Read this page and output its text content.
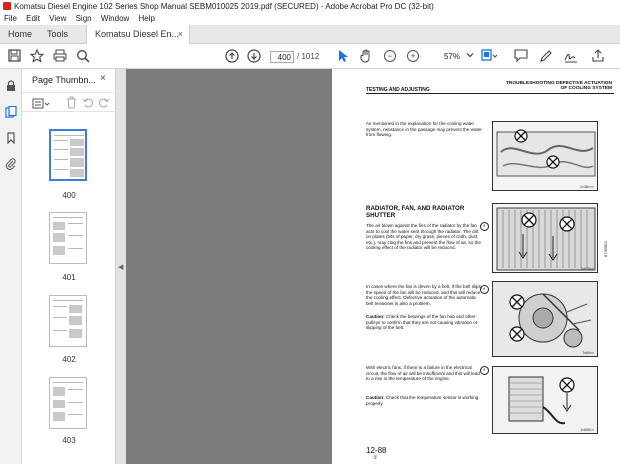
Komatsu Diesel Engine 102 Series Shop Manual SEBM010025 2019.pdf (SECURED) - Adobe Acrobat Pro DC (32-bit)
File Edit View Sign Window Help
Home Tools	Komatsu Diesel En...
×
400
/ 1012	−	+	57%
Page Thumbn... ×
400
401
402
403
◀
TESTING AND ADJUSTING
TROUBLESHOOTING DEFECTIVE ACTUATION OF COOLING SYSTEM
As mentioned in the explanation for the cooling water system, resistance in the passage may prevent the water from flowing.
1×48×××
RADIATOR, FAN, AND RADIATOR SHUTTER
The air blown against the fins of the radiator by the fan acts to cool the water sent through the radiator. The dirt on plates (bits of paper, dry grass, pieces of cloth, dust, etc.), may clog the fins and prevent the flow of air, so the cooling effect of the radiator will be reduced.
◐
1×600××
87395E1
In cases where the fan is driven by a belt, if the belt slips, the speed of the fan will be reduced, and this will reduce the cooling effect. Defective actuation of the automatic belt tensioner is also a problem.
◐
Caution: Check the bearings of the fan hub and other pulleys to confirm that they are not causing vibration or slipping of the belt.
7x60××
With electric fans, if there is a failure in the electrical circuit, the flow of air will be insufficient and this will lead to a rise in the temperature of the engine.
◐
Caution: Check that the temperature sensor is working properly.
1×600××
12-88
①
